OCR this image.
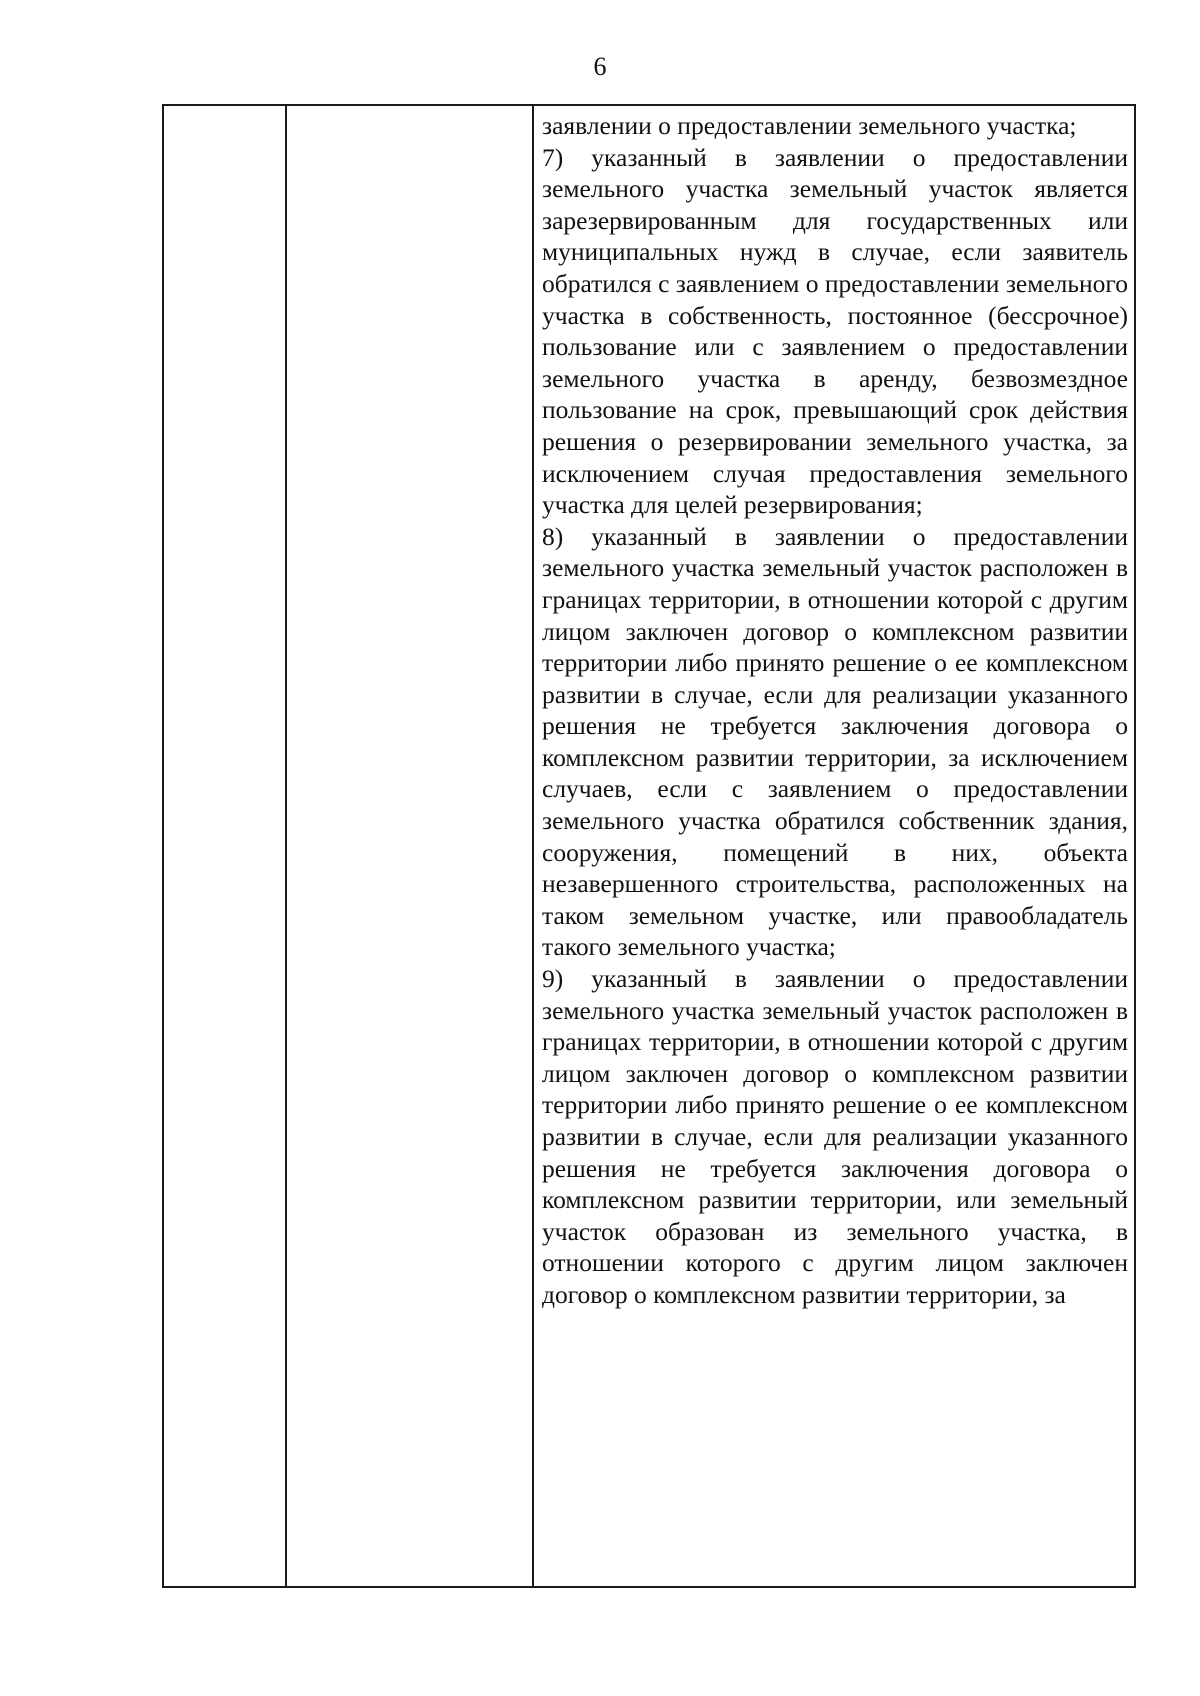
6

заявлении о предоставлении земельного участка;

7) указанный в заявлении о предоставлении земельного участка земельный участок является зарезервированным для государственных или муниципальных нужд в случае, если заявитель обратился с заявлением о предоставлении земельного участка в собственность, постоянное (бессрочное) пользование или с заявлением о предоставлении земельного участка в аренду, безвозмездное пользование на срок, превышающий срок действия решения о резервировании земельного участка, за исключением случая предоставления земельного участка для целей резервирования;

8) указанный в заявлении о предоставлении земельного участка земельный участок расположен в границах территории, в отношении которой с другим лицом заключен договор о комплексном развитии территории либо принято решение о ее комплексном развитии в случае, если для реализации указанного решения не требуется заключения договора о комплексном развитии территории, за исключением случаев, если с заявлением о предоставлении земельного участка обратился собственник здания, сооружения, помещений в них, объекта незавершенного строительства, расположенных на таком земельном участке, или правообладатель такого земельного участка;

9) указанный в заявлении о предоставлении земельного участка земельный участок расположен в границах территории, в отношении которой с другим лицом заключен договор о комплексном развитии территории либо принято решение о ее комплексном развитии в случае, если для реализации указанного решения не требуется заключения договора о комплексном развитии территории, или земельный участок образован из земельного участка, в отношении которого с другим лицом заключен договор о комплексном развитии территории, за
